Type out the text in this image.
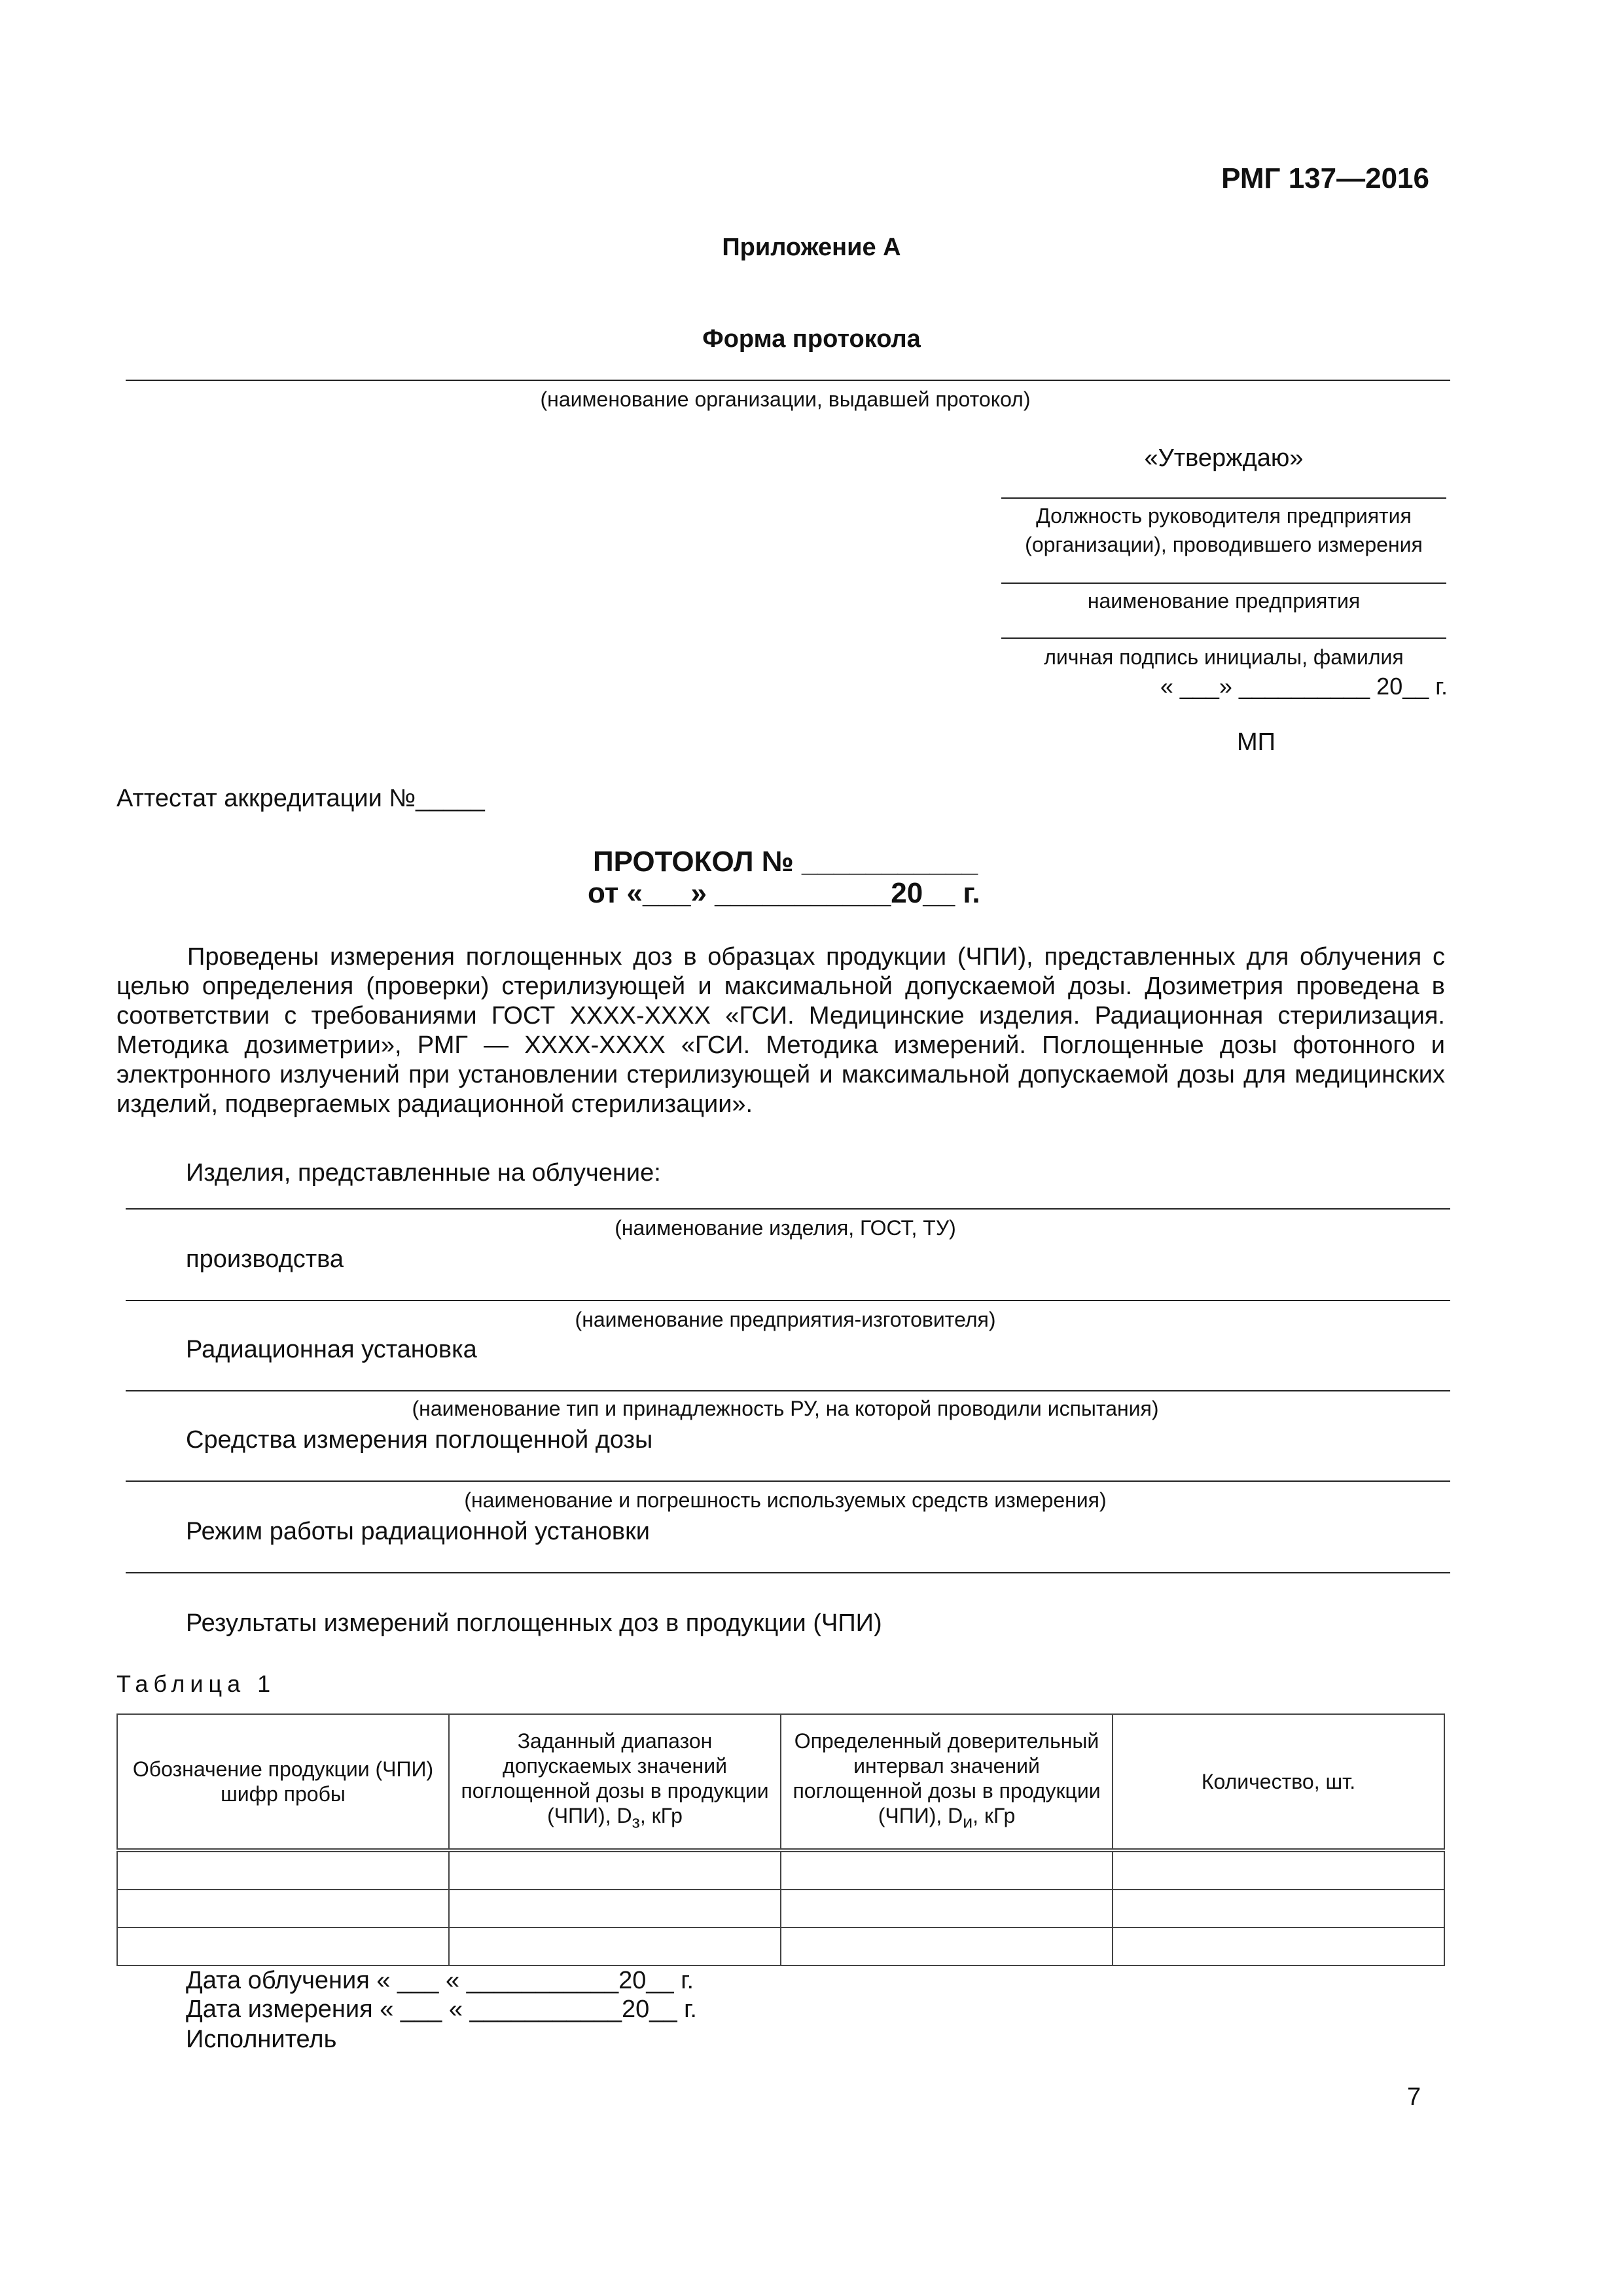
РМГ 137—2016
Приложение А
Форма протокола
(наименование организации, выдавшей протокол)
«Утверждаю»
Должность руководителя предприятия
(организации), проводившего измерения
наименование предприятия
личная подпись инициалы, фамилия
« ___» __________ 20__ г.
МП
Аттестат аккредитации №_____
ПРОТОКОЛ № ___________
от «___» ___________20__ г.
Проведены измерения поглощенных доз в образцах продукции (ЧПИ), представленных для облучения с целью определения (проверки) стерилизующей и максимальной допускаемой дозы. Дозиметрия проведена в соответствии с требованиями ГОСТ XXXX-XXXX «ГСИ. Медицинские изделия. Радиационная стерилизация. Методика дозиметрии», РМГ — XXXX-XXXX «ГСИ. Методика измерений. Поглощенные дозы фотонного и электронного излучений при установлении стерилизующей и максимальной допускаемой дозы для медицинских изделий, подвергаемых радиационной стерилизации».
Изделия, представленные на облучение:
(наименование изделия, ГОСТ, ТУ)
производства
(наименование предприятия-изготовителя)
Радиационная установка
(наименование тип и принадлежность РУ, на которой проводили испытания)
Средства измерения поглощенной дозы
(наименование и погрешность используемых средств измерения)
Режим работы радиационной установки
Результаты измерений поглощенных доз в продукции (ЧПИ)
Таблица 1
Обозначение продукции (ЧПИ) шифр пробы	Заданный диапазон допускаемых значений поглощенной дозы в продукции (ЧПИ), $D_з$, кГр	Определенный доверительный интервал значений поглощенной дозы в продукции (ЧПИ), $D_и$, кГр	Количество, шт.

Дата облучения « ___ « ___________20__ г.
Дата измерения « ___ « ___________20__ г.
Исполнитель
7
